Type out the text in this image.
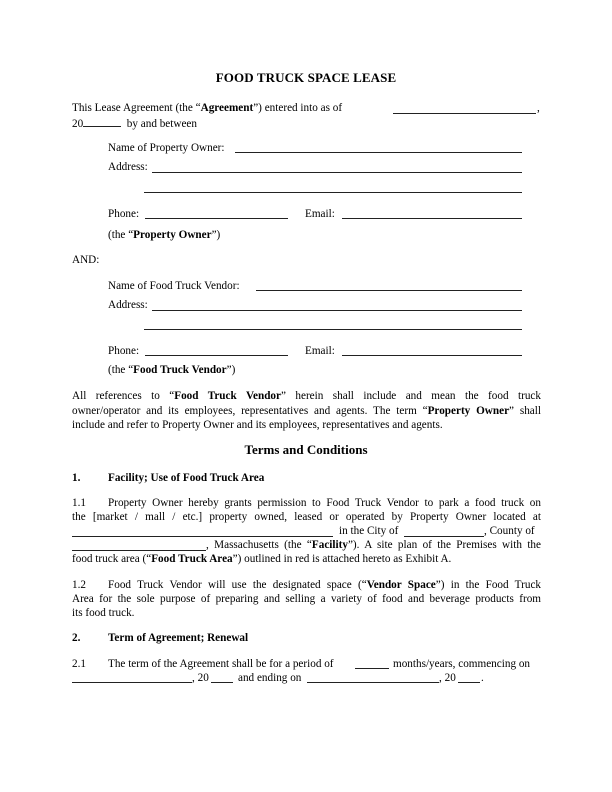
FOOD TRUCK SPACE LEASE
This Lease Agreement (the “Agreement”) entered into as of	,
20	by and between
Name of Property Owner:
Address:
Phone:	Email:
(the “Property Owner”)
AND:
Name of Food Truck Vendor:
Address:
Phone:	Email:
(the “Food Truck Vendor”)
All references to “Food Truck Vendor” herein shall include and mean the food truck
owner/operator and its employees, representatives and agents. The term “Property Owner” shall
include and refer to Property Owner and its employees, representatives and agents.
Terms and Conditions
1. Facility; Use of Food Truck Area
1.1 Property Owner hereby grants permission to Food Truck Vendor to park a food truck on
the [market / mall / etc.] property owned, leased or operated by Property Owner located at
in the City of	, County of
, Massachusetts (the “Facility”). A site plan of the Premises with the
food truck area (“Food Truck Area”) outlined in red is attached hereto as Exhibit A.
1.2 Food Truck Vendor will use the designated space (“Vendor Space”) in the Food Truck
Area for the sole purpose of preparing and selling a variety of food and beverage products from
its food truck.
2. Term of Agreement; Renewal
2.1 The term of the Agreement shall be for a period of	months/years, commencing on
, 20	and ending on	, 20 .
